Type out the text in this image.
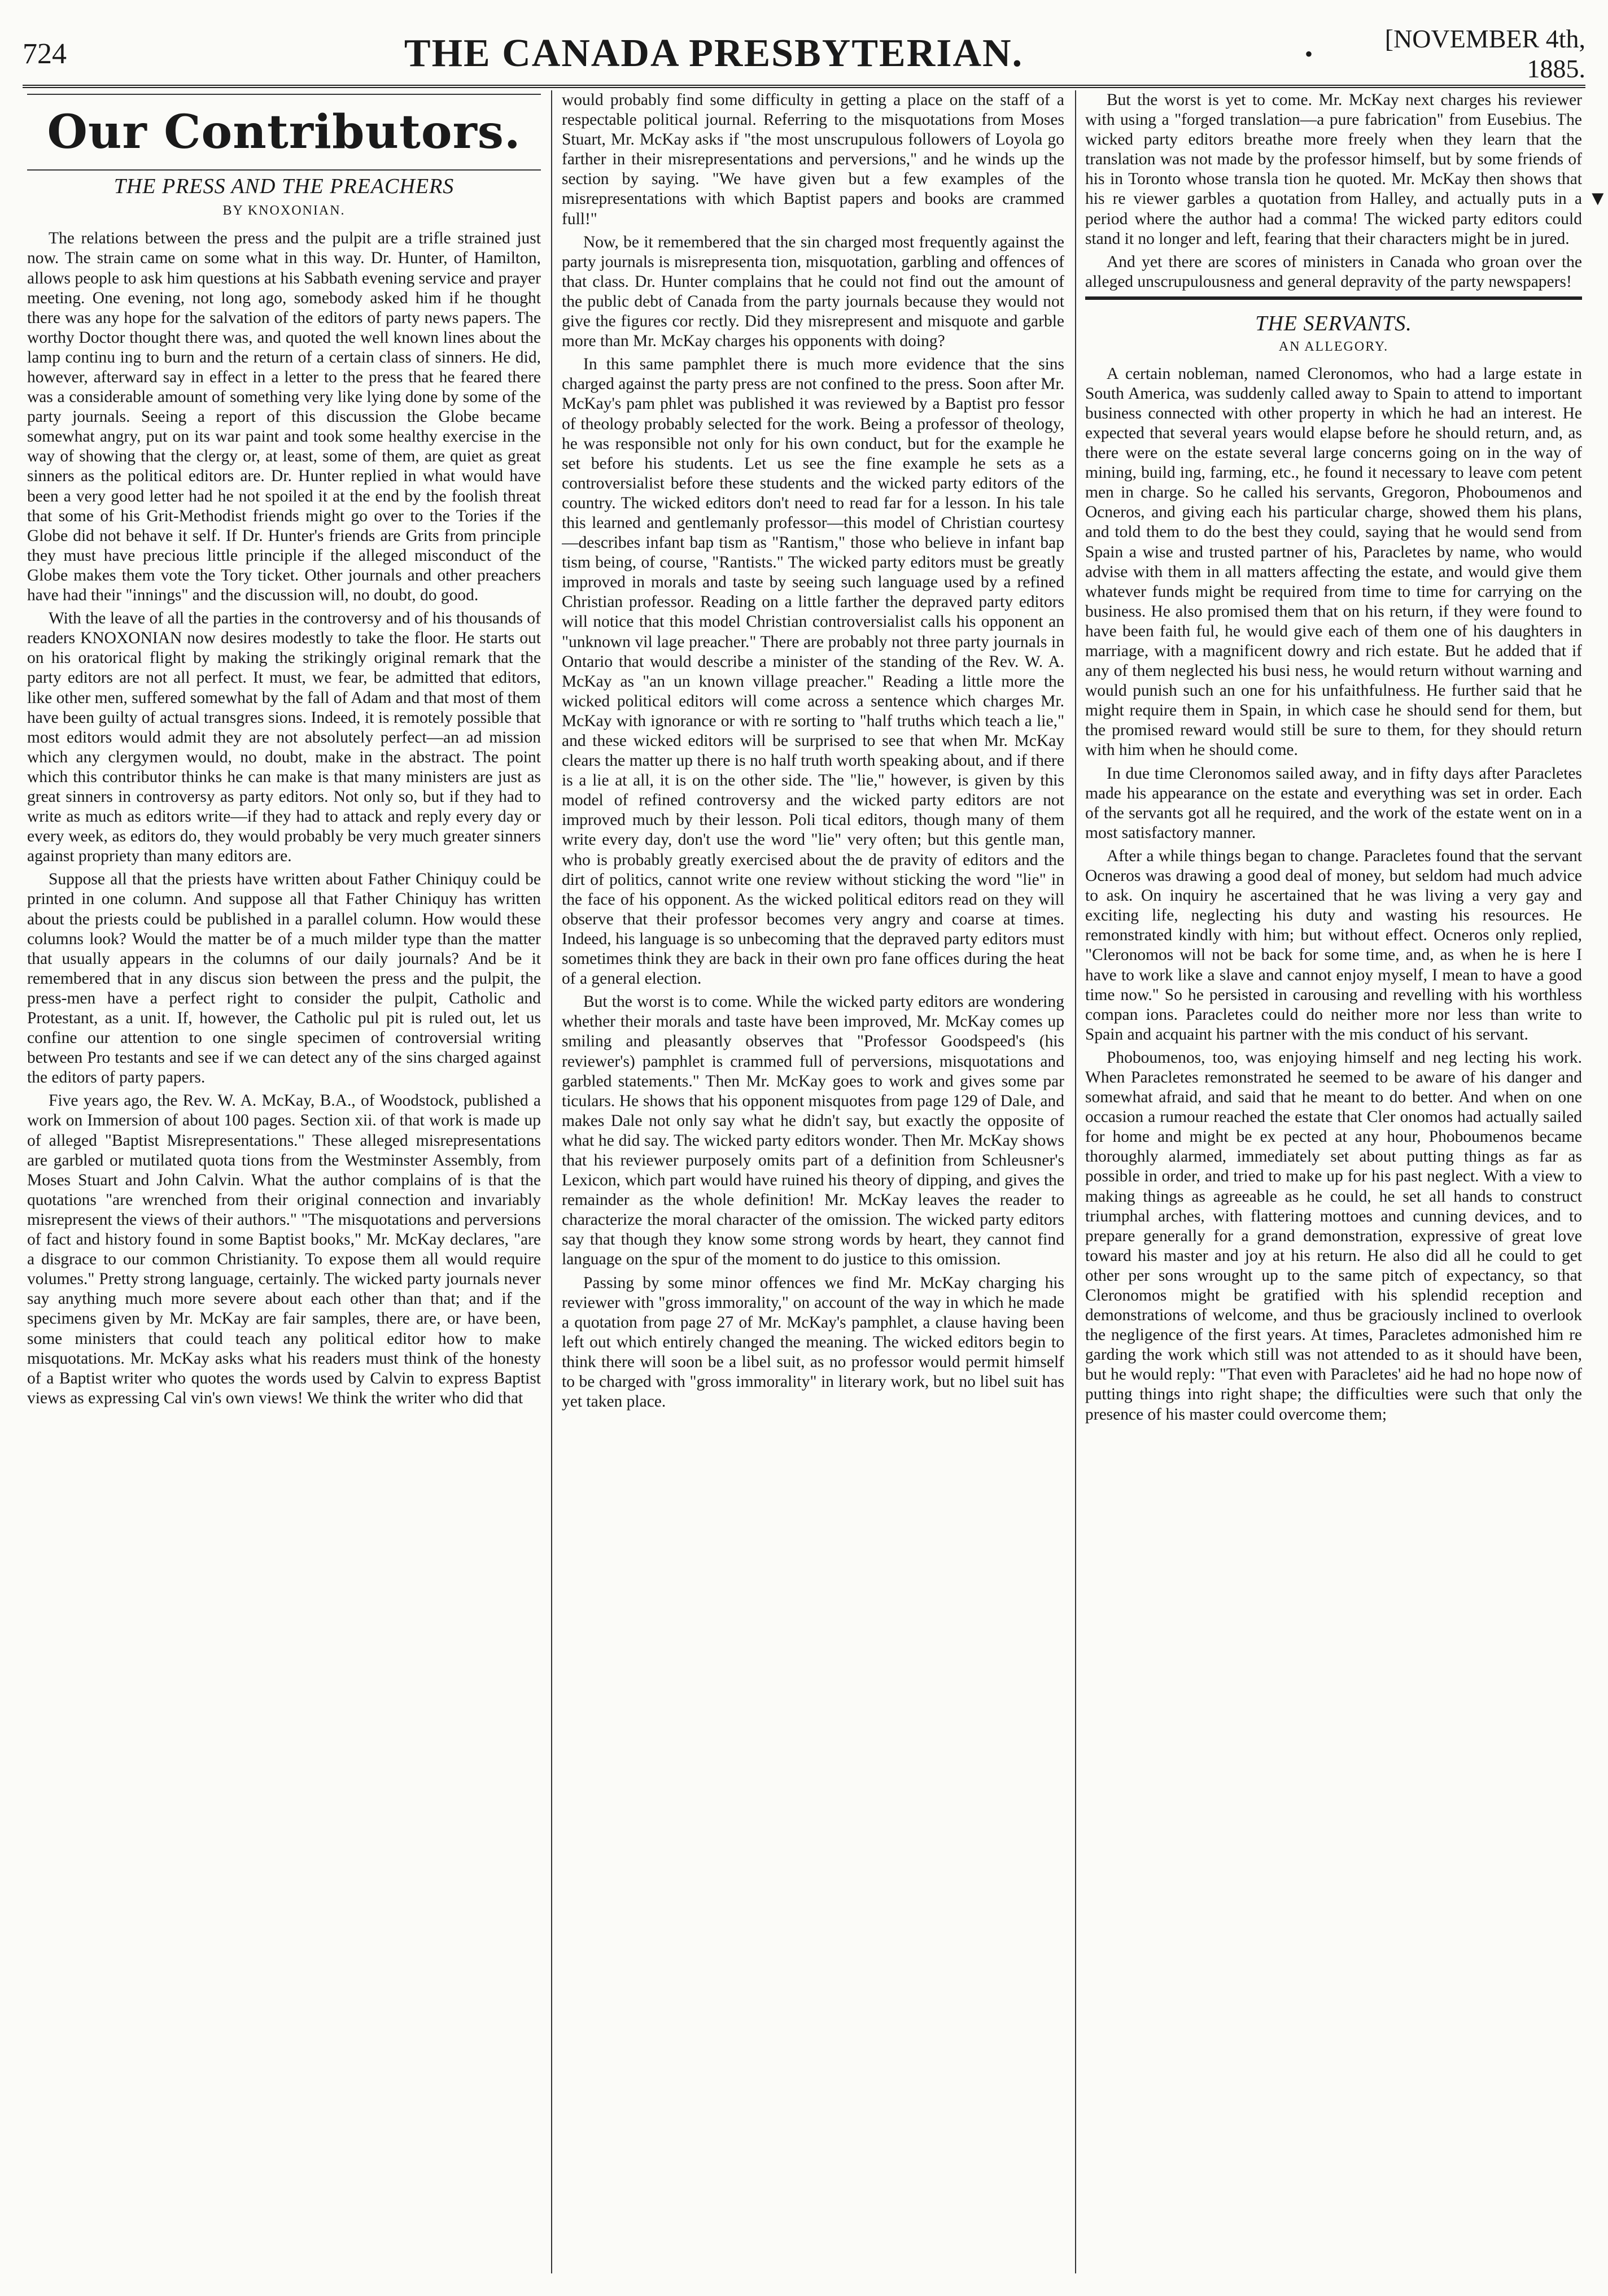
724	THE CANADA PRESBYTERIAN.	•
[NOVEMBER 4th, 1885.
Our Contributors.
THE PRESS AND THE PREACHERS
BY KNOXONIAN.

The relations between the press and the pulpit are a trifle strained just now. The strain came on some what in this way. Dr. Hunter, of Hamilton, allows people to ask him questions at his Sabbath evening service and prayer meeting. One evening, not long ago, somebody asked him if he thought there was any hope for the salvation of the editors of party news papers. The worthy Doctor thought there was, and quoted the well known lines about the lamp continu ing to burn and the return of a certain class of sinners. He did, however, afterward say in effect in a letter to the press that he feared there was a considerable amount of something very like lying done by some of the party journals. Seeing a report of this discussion the Globe became somewhat angry, put on its war paint and took some healthy exercise in the way of showing that the clergy or, at least, some of them, are quiet as great sinners as the political editors are. Dr. Hunter replied in what would have been a very good letter had he not spoiled it at the end by the foolish threat that some of his Grit-Methodist friends might go over to the Tories if the Globe did not behave it self. If Dr. Hunter's friends are Grits from principle they must have precious little principle if the alleged misconduct of the Globe makes them vote the Tory ticket. Other journals and other preachers have had their "innings" and the discussion will, no doubt, do good.

With the leave of all the parties in the controversy and of his thousands of readers KNOXONIAN now desires modestly to take the floor. He starts out on his oratorical flight by making the strikingly original remark that the party editors are not all perfect. It must, we fear, be admitted that editors, like other men, suffered somewhat by the fall of Adam and that most of them have been guilty of actual transgres sions. Indeed, it is remotely possible that most editors would admit they are not absolutely perfect—an ad mission which any clergymen would, no doubt, make in the abstract. The point which this contributor thinks he can make is that many ministers are just as great sinners in controversy as party editors. Not only so, but if they had to write as much as editors write—if they had to attack and reply every day or every week, as editors do, they would probably be very much greater sinners against propriety than many editors are.

Suppose all that the priests have written about Father Chiniquy could be printed in one column. And suppose all that Father Chiniquy has written about the priests could be published in a parallel column. How would these columns look? Would the matter be of a much milder type than the matter that usually appears in the columns of our daily journals? And be it remembered that in any discus sion between the press and the pulpit, the press-men have a perfect right to consider the pulpit, Catholic and Protestant, as a unit. If, however, the Catholic pul pit is ruled out, let us confine our attention to one single specimen of controversial writing between Pro testants and see if we can detect any of the sins charged against the editors of party papers.

Five years ago, the Rev. W. A. McKay, B.A., of Woodstock, published a work on Immersion of about 100 pages. Section xii. of that work is made up of alleged "Baptist Misrepresentations." These alleged misrepresentations are garbled or mutilated quota tions from the Westminster Assembly, from Moses Stuart and John Calvin. What the author complains of is that the quotations "are wrenched from their original connection and invariably misrepresent the views of their authors." "The misquotations and perversions of fact and history found in some Baptist books," Mr. McKay declares, "are a disgrace to our common Christianity. To expose them all would require volumes." Pretty strong language, certainly. The wicked party journals never say anything much more severe about each other than that; and if the specimens given by Mr. McKay are fair samples, there are, or have been, some ministers that could teach any political editor how to make misquotations. Mr. McKay asks what his readers must think of the honesty of a Baptist writer who quotes the words used by Calvin to express Baptist views as expressing Cal vin's own views! We think the writer who did that

would probably find some difficulty in getting a place on the staff of a respectable political journal. Referring to the misquotations from Moses Stuart, Mr. McKay asks if "the most unscrupulous followers of Loyola go farther in their misrepresentations and perversions," and he winds up the section by saying. "We have given but a few examples of the misrepresentations with which Baptist papers and books are crammed full!"

Now, be it remembered that the sin charged most frequently against the party journals is misrepresenta tion, misquotation, garbling and offences of that class. Dr. Hunter complains that he could not find out the amount of the public debt of Canada from the party journals because they would not give the figures cor rectly. Did they misrepresent and misquote and garble more than Mr. McKay charges his opponents with doing?

In this same pamphlet there is much more evidence that the sins charged against the party press are not confined to the press. Soon after Mr. McKay's pam phlet was published it was reviewed by a Baptist pro fessor of theology probably selected for the work. Being a professor of theology, he was responsible not only for his own conduct, but for the example he set before his students. Let us see the fine example he sets as a controversialist before these students and the wicked party editors of the country. The wicked editors don't need to read far for a lesson. In his tale this learned and gentlemanly professor—this model of Christian courtesy—describes infant bap tism as "Rantism," those who believe in infant bap tism being, of course, "Rantists." The wicked party editors must be greatly improved in morals and taste by seeing such language used by a refined Christian professor. Reading on a little farther the depraved party editors will notice that this model Christian controversialist calls his opponent an "unknown vil lage preacher." There are probably not three party journals in Ontario that would describe a minister of the standing of the Rev. W. A. McKay as "an un known village preacher." Reading a little more the wicked political editors will come across a sentence which charges Mr. McKay with ignorance or with re sorting to "half truths which teach a lie," and these wicked editors will be surprised to see that when Mr. McKay clears the matter up there is no half truth worth speaking about, and if there is a lie at all, it is on the other side. The "lie," however, is given by this model of refined controversy and the wicked party editors are not improved much by their lesson. Poli tical editors, though many of them write every day, don't use the word "lie" very often; but this gentle man, who is probably greatly exercised about the de pravity of editors and the dirt of politics, cannot write one review without sticking the word "lie" in the face of his opponent. As the wicked political editors read on they will observe that their professor becomes very angry and coarse at times. Indeed, his language is so unbecoming that the depraved party editors must sometimes think they are back in their own pro fane offices during the heat of a general election.

But the worst is to come. While the wicked party editors are wondering whether their morals and taste have been improved, Mr. McKay comes up smiling and pleasantly observes that "Professor Goodspeed's (his reviewer's) pamphlet is crammed full of perversions, misquotations and garbled statements." Then Mr. McKay goes to work and gives some par ticulars. He shows that his opponent misquotes from page 129 of Dale, and makes Dale not only say what he didn't say, but exactly the opposite of what he did say. The wicked party editors wonder. Then Mr. McKay shows that his reviewer purposely omits part of a definition from Schleusner's Lexicon, which part would have ruined his theory of dipping, and gives the remainder as the whole definition! Mr. McKay leaves the reader to characterize the moral character of the omission. The wicked party editors say that though they know some strong words by heart, they cannot find language on the spur of the moment to do justice to this omission.

Passing by some minor offences we find Mr. McKay charging his reviewer with "gross immorality," on account of the way in which he made a quotation from page 27 of Mr. McKay's pamphlet, a clause having been left out which entirely changed the meaning. The wicked editors begin to think there will soon be a libel suit, as no professor would permit himself to be charged with "gross immorality" in literary work, but no libel suit has yet taken place.

But the worst is yet to come. Mr. McKay next charges his reviewer with using a "forged translation—a pure fabrication" from Eusebius. The wicked party editors breathe more freely when they learn that the translation was not made by the professor himself, but by some friends of his in Toronto whose transla tion he quoted. Mr. McKay then shows that his re viewer garbles a quotation from Halley, and actually puts in a period where the author had a comma! The wicked party editors could stand it no longer and left, fearing that their characters might be in jured.

And yet there are scores of ministers in Canada who groan over the alleged unscrupulousness and general depravity of the party newspapers!

THE SERVANTS.
AN ALLEGORY.

A certain nobleman, named Cleronomos, who had a large estate in South America, was suddenly called away to Spain to attend to important business connected with other property in which he had an interest. He expected that several years would elapse before he should return, and, as there were on the estate several large concerns going on in the way of mining, build ing, farming, etc., he found it necessary to leave com petent men in charge. So he called his servants, Gregoron, Phoboumenos and Ocneros, and giving each his particular charge, showed them his plans, and told them to do the best they could, saying that he would send from Spain a wise and trusted partner of his, Paracletes by name, who would advise with them in all matters affecting the estate, and would give them whatever funds might be required from time to time for carrying on the business. He also promised them that on his return, if they were found to have been faith ful, he would give each of them one of his daughters in marriage, with a magnificent dowry and rich estate. But he added that if any of them neglected his busi ness, he would return without warning and would punish such an one for his unfaithfulness. He further said that he might require them in Spain, in which case he should send for them, but the promised reward would still be sure to them, for they should return with him when he should come.

In due time Cleronomos sailed away, and in fifty days after Paracletes made his appearance on the estate and everything was set in order. Each of the servants got all he required, and the work of the estate went on in a most satisfactory manner.

After a while things began to change. Paracletes found that the servant Ocneros was drawing a good deal of money, but seldom had much advice to ask. On inquiry he ascertained that he was living a very gay and exciting life, neglecting his duty and wasting his resources. He remonstrated kindly with him; but without effect. Ocneros only replied, "Cleronomos will not be back for some time, and, as when he is here I have to work like a slave and cannot enjoy myself, I mean to have a good time now." So he persisted in carousing and revelling with his worthless compan ions. Paracletes could do neither more nor less than write to Spain and acquaint his partner with the mis conduct of his servant.

Phoboumenos, too, was enjoying himself and neg lecting his work. When Paracletes remonstrated he seemed to be aware of his danger and somewhat afraid, and said that he meant to do better. And when on one occasion a rumour reached the estate that Cler onomos had actually sailed for home and might be ex pected at any hour, Phoboumenos became thoroughly alarmed, immediately set about putting things as far as possible in order, and tried to make up for his past neglect. With a view to making things as agreeable as he could, he set all hands to construct triumphal arches, with flattering mottoes and cunning devices, and to prepare generally for a grand demonstration, expressive of great love toward his master and joy at his return. He also did all he could to get other per sons wrought up to the same pitch of expectancy, so that Cleronomos might be gratified with his splendid reception and demonstrations of welcome, and thus be graciously inclined to overlook the negligence of the first years. At times, Paracletes admonished him re garding the work which still was not attended to as it should have been, but he would reply: "That even with Paracletes' aid he had no hope now of putting things into right shape; the difficulties were such that only the presence of his master could overcome them;

▼
